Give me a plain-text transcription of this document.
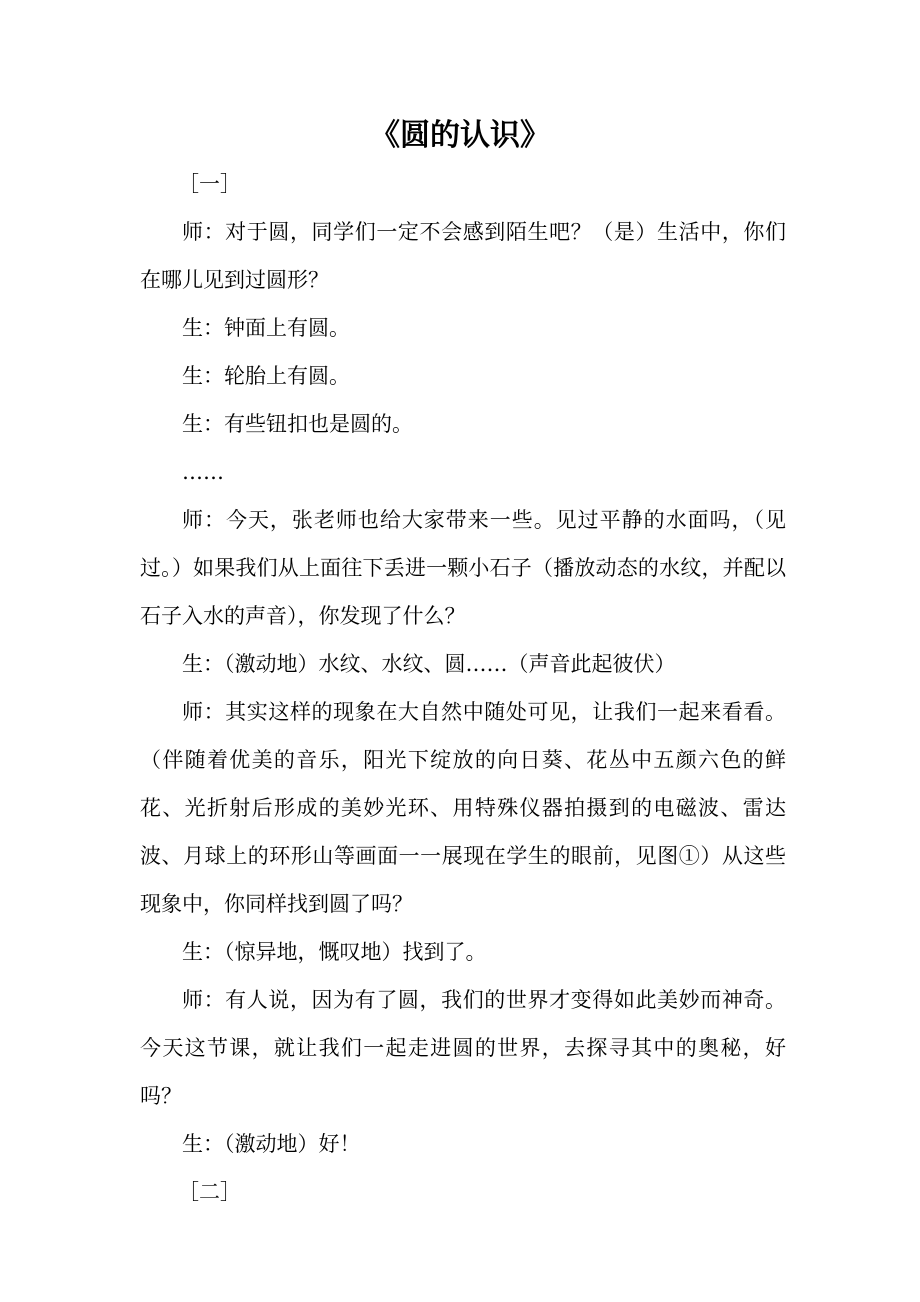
《圆的认识》

［一］

师：对于圆，同学们一定不会感到陌生吧？（是）生活中，你们在哪儿见到过圆形？

生：钟面上有圆。

生：轮胎上有圆。

生：有些钮扣也是圆的。

……

师：今天，张老师也给大家带来一些。见过平静的水面吗，（见过。）如果我们从上面往下丢进一颗小石子（播放动态的水纹，并配以石子入水的声音），你发现了什么？

生：（激动地）水纹、水纹、圆……（声音此起彼伏）

师：其实这样的现象在大自然中随处可见，让我们一起来看看。（伴随着优美的音乐，阳光下绽放的向日葵、花丛中五颜六色的鲜花、光折射后形成的美妙光环、用特殊仪器拍摄到的电磁波、雷达波、月球上的环形山等画面一一展现在学生的眼前，见图①）从这些现象中，你同样找到圆了吗？

生：（惊异地，慨叹地）找到了。

师：有人说，因为有了圆，我们的世界才变得如此美妙而神奇。今天这节课，就让我们一起走进圆的世界，去探寻其中的奥秘，好吗？

生：（激动地）好！

［二］
